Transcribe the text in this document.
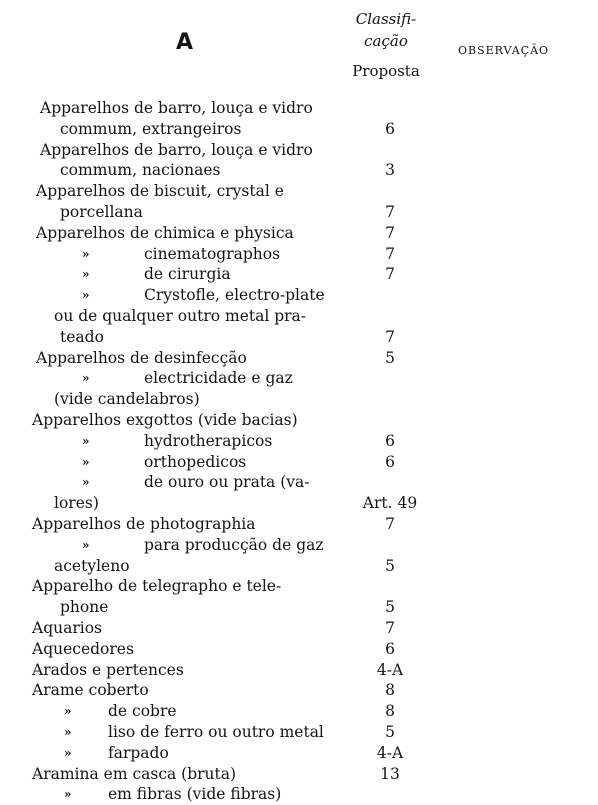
A
Classifi-
cação
Proposta
OBSERVAÇÃO
Apparelhos de barro, louça e vidro
commum, extrangeiros	6
Apparelhos de barro, louça e vidro
commum, nacionaes	3
Apparelhos de biscuit, crystal e
porcellana	7
Apparelhos de chimica e physica	7
»	cinematographos	7
»	de cirurgia	7
»	Crystofle, electro-plate
ou de qualquer outro metal pra-
teado	7
Apparelhos de desinfecção	5
»	electricidade e gaz
(vide candelabros)
Apparelhos exgottos (vide bacias)
»	hydrotherapicos	6
»	orthopedicos	6
»	de ouro ou prata (va-
lores)	Art. 49
Apparelhos de photographia	7
»	para producção de gaz
acetyleno	5
Apparelho de telegrapho e tele-
phone	5
Aquarios	7
Aquecedores	6
Arados e pertences	4-A
Arame coberto	8
» de cobre	8
» liso de ferro ou outro metal	5
» farpado	4-A
Aramina em casca (bruta)	13
» em fibras (vide fibras)
